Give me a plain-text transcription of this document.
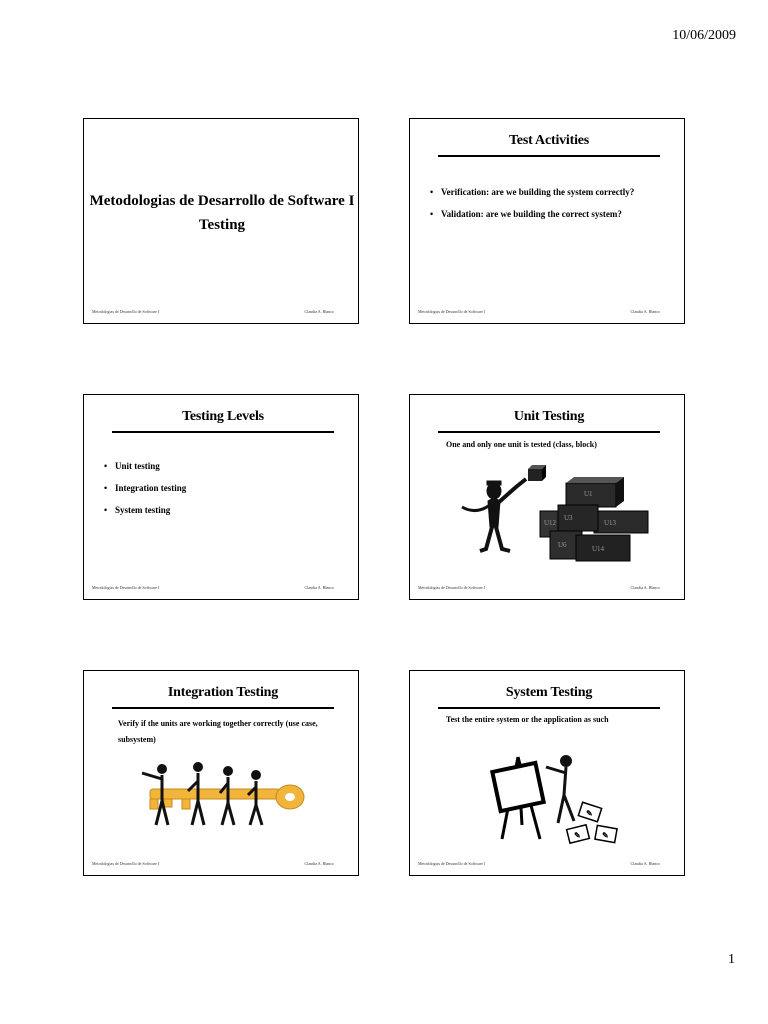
10/06/2009
Metodologias de Desarrollo de Software I
Testing
Metodologias de Desarrollo de Software I	Claudia A. Blanco
Test Activities
• Verification: are we building the system correctly?
• Validation: are we building the correct system?
Metodologias de Desarrollo de Software I	Claudia A. Blanco
Testing Levels
• Unit testing
• Integration testing
• System testing
Metodologias de Desarrollo de Software I	Claudia A. Blanco
Unit Testing
One and only one unit is tested (class, block)
U1
U3
U12	U13
U6	U14
Metodologias de Desarrollo de Software I	Claudia A. Blanco
Integration Testing
Verify if the units are working together correctly (use case, subsystem)
Metodologias de Desarrollo de Software I	Claudia A. Blanco
System Testing
Test the entire system or the application as such
✎
✎	✎
Metodologias de Desarrollo de Software I	Claudia A. Blanco
1
